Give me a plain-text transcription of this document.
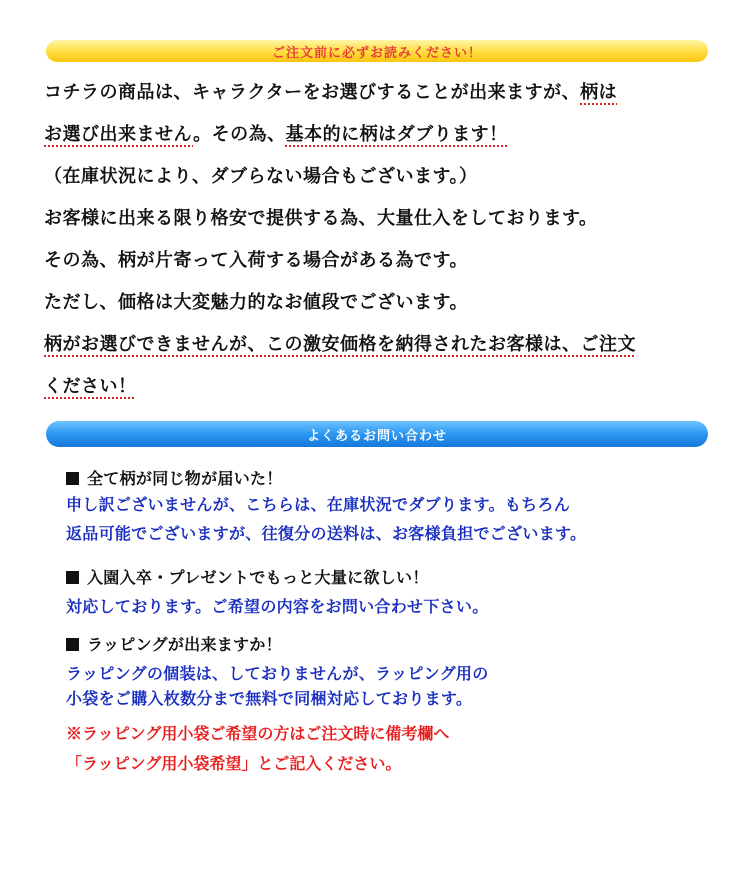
ご注文前に必ずお読みください！
コチラの商品は、キャラクターをお選びすることが出来ますが、柄は
お選び出来ません。その為、基本的に柄はダブります！
（在庫状況により、ダブらない場合もございます。）
お客様に出来る限り格安で提供する為、大量仕入をしております。
その為、柄が片寄って入荷する場合がある為です。
ただし、価格は大変魅力的なお値段でございます。
柄がお選びできませんが、この激安価格を納得されたお客様は、ご注文
ください！
よくあるお問い合わせ
全て柄が同じ物が届いた！
申し訳ございませんが、こちらは、在庫状況でダブります。もちろん
返品可能でございますが、往復分の送料は、お客様負担でございます。
入園入卒・プレゼントでもっと大量に欲しい！
対応しております。ご希望の内容をお問い合わせ下さい。
ラッピングが出来ますか！
ラッピングの個装は、しておりませんが、ラッピング用の
小袋をご購入枚数分まで無料で同梱対応しております。
※ラッピング用小袋ご希望の方はご注文時に備考欄へ
「ラッピング用小袋希望」とご記入ください。
